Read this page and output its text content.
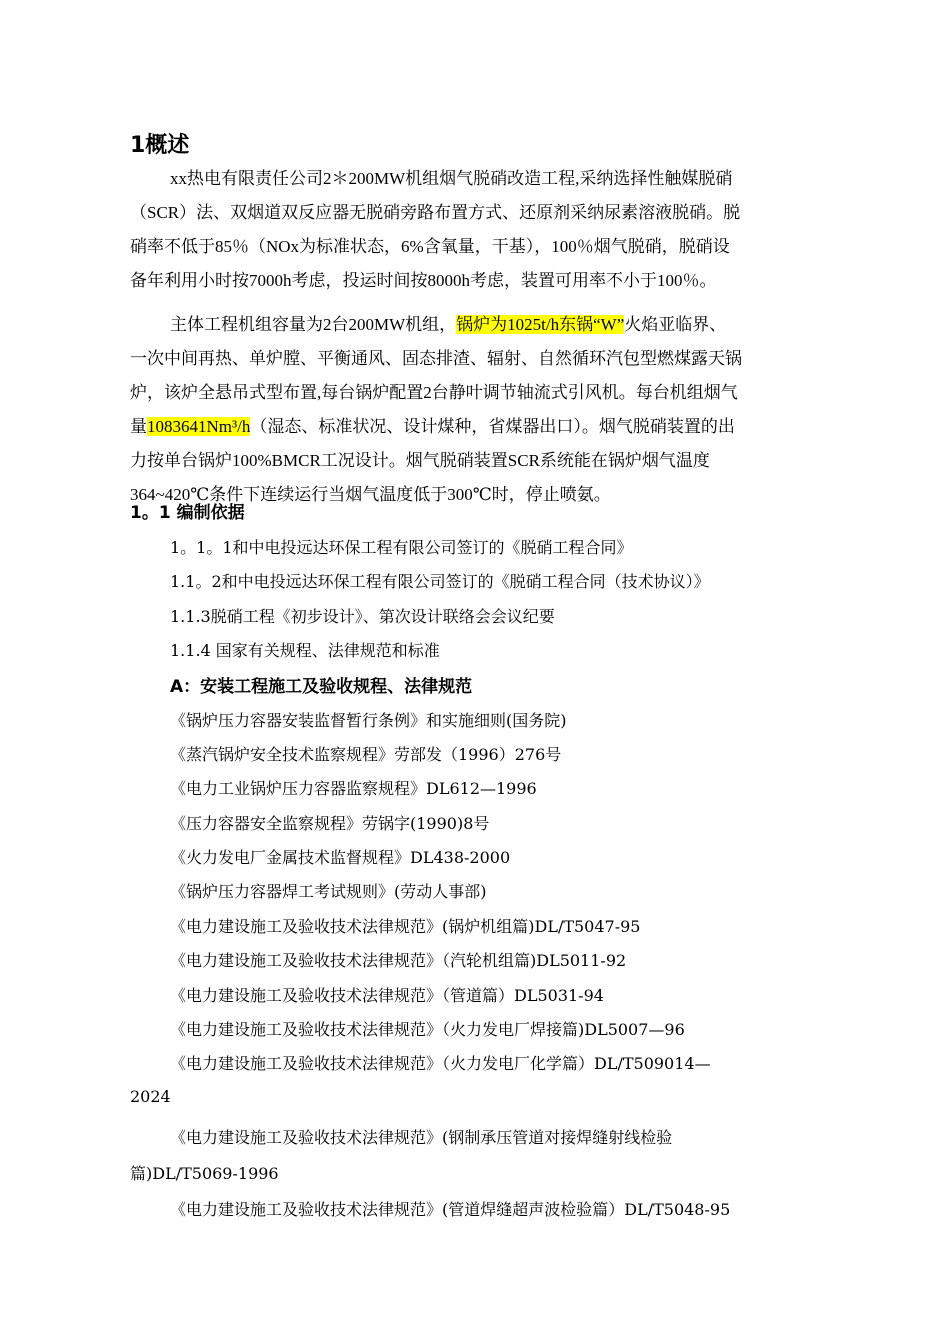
1概述
xx热电有限责任公司2＊200MW机组烟气脱硝改造工程,采纳选择性触媒脱硝
（SCR）法、双烟道双反应器无脱硝旁路布置方式、还原剂采纳尿素溶液脱硝。脱
硝率不低于85％（NOx为标准状态，6%含氧量，干基），100％烟气脱硝，脱硝设
备年利用小时按7000h考虑，投运时间按8000h考虑，装置可用率不小于100％。
主体工程机组容量为2台200MW机组，锅炉为1025t/h东锅“W”火焰亚临界、
一次中间再热、单炉膛、平衡通风、固态排渣、辐射、自然循环汽包型燃煤露天锅
炉，该炉全悬吊式型布置,每台锅炉配置2台静叶调节轴流式引风机。每台机组烟气
量1083641Nm³/h（湿态、标准状况、设计煤种，省煤器出口）。烟气脱硝装置的出
力按单台锅炉100%BMCR工况设计。烟气脱硝装置SCR系统能在锅炉烟气温度
364~420℃条件下连续运行当烟气温度低于300℃时，停止喷氨。
1。1 编制依据
1。1。1和中电投远达环保工程有限公司签订的《脱硝工程合同》
1.1。2和中电投远达环保工程有限公司签订的《脱硝工程合同（技术协议）》
1.1.3脱硝工程《初步设计》、第次设计联络会会议纪要
1.1.4 国家有关规程、法律规范和标准
A：安装工程施工及验收规程、法律规范
《锅炉压力容器安装监督暂行条例》和实施细则(国务院)
《蒸汽锅炉安全技术监察规程》劳部发（1996）276号
《电力工业锅炉压力容器监察规程》DL612—1996
《压力容器安全监察规程》劳锅字(1990)8号
《火力发电厂金属技术监督规程》DL438-2000
《锅炉压力容器焊工考试规则》(劳动人事部)
《电力建设施工及验收技术法律规范》(锅炉机组篇)DL/T5047-95
《电力建设施工及验收技术法律规范》（汽轮机组篇)DL5011-92
《电力建设施工及验收技术法律规范》（管道篇）DL5031-94
《电力建设施工及验收技术法律规范》（火力发电厂焊接篇)DL5007—96
《电力建设施工及验收技术法律规范》（火力发电厂化学篇）DL/T509014—
2024
《电力建设施工及验收技术法律规范》(钢制承压管道对接焊缝射线检验
篇)DL/T5069-1996
《电力建设施工及验收技术法律规范》(管道焊缝超声波检验篇）DL/T5048-95
